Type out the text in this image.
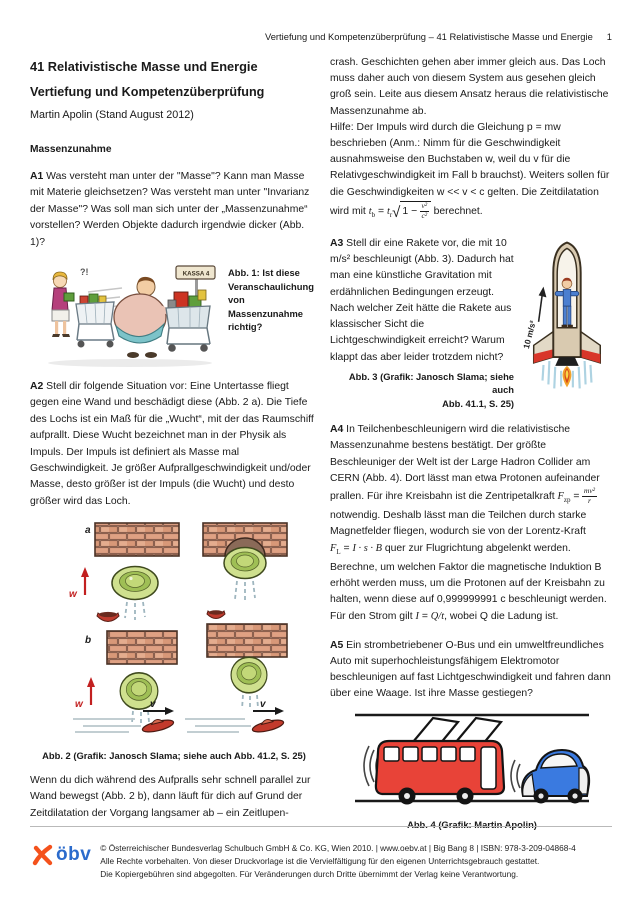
Vertiefung und Kompetenzüberprüfung – 41 Relativistische Masse und Energie 1
41 Relativistische Masse und Energie
Vertiefung und Kompetenzüberprüfung
Martin Apolin (Stand August 2012)
Massenzunahme

A1 Was versteht man unter der "Masse"? Kann man Masse mit Materie gleichsetzen? Was versteht man unter "Invarianz der Masse"? Was soll man sich unter der „Massenzunahme“ vorstellen? Werden Objekte dadurch irgendwie dicker (Abb. 1)?

?!	KASSA 4 Abb. 1: Ist diese Veranschaulichung von Massenzunahme richtig?

A2 Stell dir folgende Situation vor: Eine Untertasse fliegt gegen eine Wand und beschädigt diese (Abb. 2 a). Die Tiefe des Lochs ist ein Maß für die „Wucht“, mit der das Raumschiff aufprallt. Diese Wucht bezeichnet man in der Physik als Impuls. Der Impuls ist definiert als Masse mal Geschwindigkeit. Je größer Aufprallgeschwindigkeit und/oder Masse, desto größer ist der Impuls (die Wucht) und desto größer wird das Loch.

a
w
b
w	v	v
Abb. 2 (Grafik: Janosch Slama; siehe auch Abb. 41.2, S. 25)

Wenn du dich während des Aufpralls sehr schnell parallel zur Wand bewegst (Abb. 2 b), dann läuft für dich auf Grund der Zeitdilatation der Vorgang langsamer ab – ein Zeitlupen-

crash. Geschichten gehen aber immer gleich aus. Das Loch muss daher auch von diesem System aus gesehen gleich groß sein. Leite aus diesem Ansatz heraus die relativistische Massenzunahme ab.

Hilfe: Der Impuls wird durch die Gleichung p = mw beschrieben (Anm.: Nimm für die Geschwindigkeit ausnahmsweise den Buchstaben w, weil du v für die Relativgeschwindigkeit im Fall b brauchst). Weiters sollen für die Geschwindigkeiten w << v < c gelten. Die Zeitdilatation wird mit $t_b = t_r√$ $1 - \frac{\text{v²}}{\text{c²}}$ berechnet.

A3 Stell dir eine Rakete vor, die mit 10 m/s² beschleunigt (Abb. 3). Dadurch hat man eine künstliche Gravitation mit erdähnlichen Bedingungen erzeugt. Nach welcher Zeit hätte die Rakete aus klassischer Sicht die Lichtgeschwindigkeit erreicht? Warum klappt das aber leider trotzdem nicht?

Abb. 3 (Grafik: Janosch Slama; siehe auch
Abb. 41.1, S. 25)
10 m/s²

A4 In Teilchenbeschleunigern wird die relativistische Massenzunahme bestens bestätigt. Der größte Beschleuniger der Welt ist der Large Hadron Collider am CERN (Abb. 4). Dort lässt man etwa Protonen aufeinander prallen. Für ihre Kreisbahn ist die Zentripetalkraft $F_{zp} = \frac{\text{mv²}}{r}$
notwendig. Deshalb lässt man die Teilchen durch starke Magnetfelder fliegen, wodurch sie von der Lorentz-Kraft $F_L = I \cdot s \cdot B$ quer zur Flugrichtung abgelenkt werden. Berechne, um welchen Faktor die magnetische Induktion B erhöht werden muss, um die Protonen auf der Kreisbahn zu halten, wenn diese auf 0,999999991 c beschleunigt werden. Für den Strom gilt I = Q/t, wobei Q die Ladung ist.

A5 Ein strombetriebener O-Bus und ein umweltfreundliches Auto mit superhochleistungsfähigem Elektromotor beschleunigen auf fast Lichtgeschwindigkeit und fahren dann über eine Waage. Ist ihre Masse gestiegen?

Abb. 4 (Grafik: Martin Apolin)
öbv © Österreichischer Bundesverlag Schulbuch GmbH & Co. KG, Wien 2010. | www.oebv.at | Big Bang 8 | ISBN: 978-3-209-04868-4
Alle Rechte vorbehalten. Von dieser Druckvorlage ist die Vervielfältigung für den eigenen Unterrichtsgebrauch gestattet.
Die Kopiergebühren sind abgegolten. Für Veränderungen durch Dritte übernimmt der Verlag keine Verantwortung.
